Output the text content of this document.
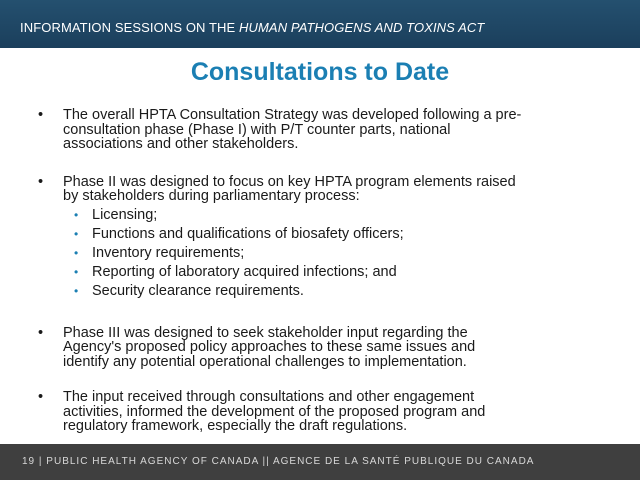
INFORMATION SESSIONS ON THE HUMAN PATHOGENS AND TOXINS ACT
Consultations to Date
• The overall HPTA Consultation Strategy was developed following a pre-
consultation phase (Phase I) with P/T counter parts, national
associations and other stakeholders.
• Phase II was designed to focus on key HPTA program elements raised
by stakeholders during parliamentary process:
• Licensing;
• Functions and qualifications of biosafety officers;
• Inventory requirements;
• Reporting of laboratory acquired infections; and
• Security clearance requirements.
• Phase III was designed to seek stakeholder input regarding the
Agency's proposed policy approaches to these same issues and
identify any potential operational challenges to implementation.
• The input received through consultations and other engagement
activities, informed the development of the proposed program and
regulatory framework, especially the draft regulations.
19 | PUBLIC HEALTH AGENCY OF CANADA || AGENCE DE LA SANTÉ PUBLIQUE DU CANADA
